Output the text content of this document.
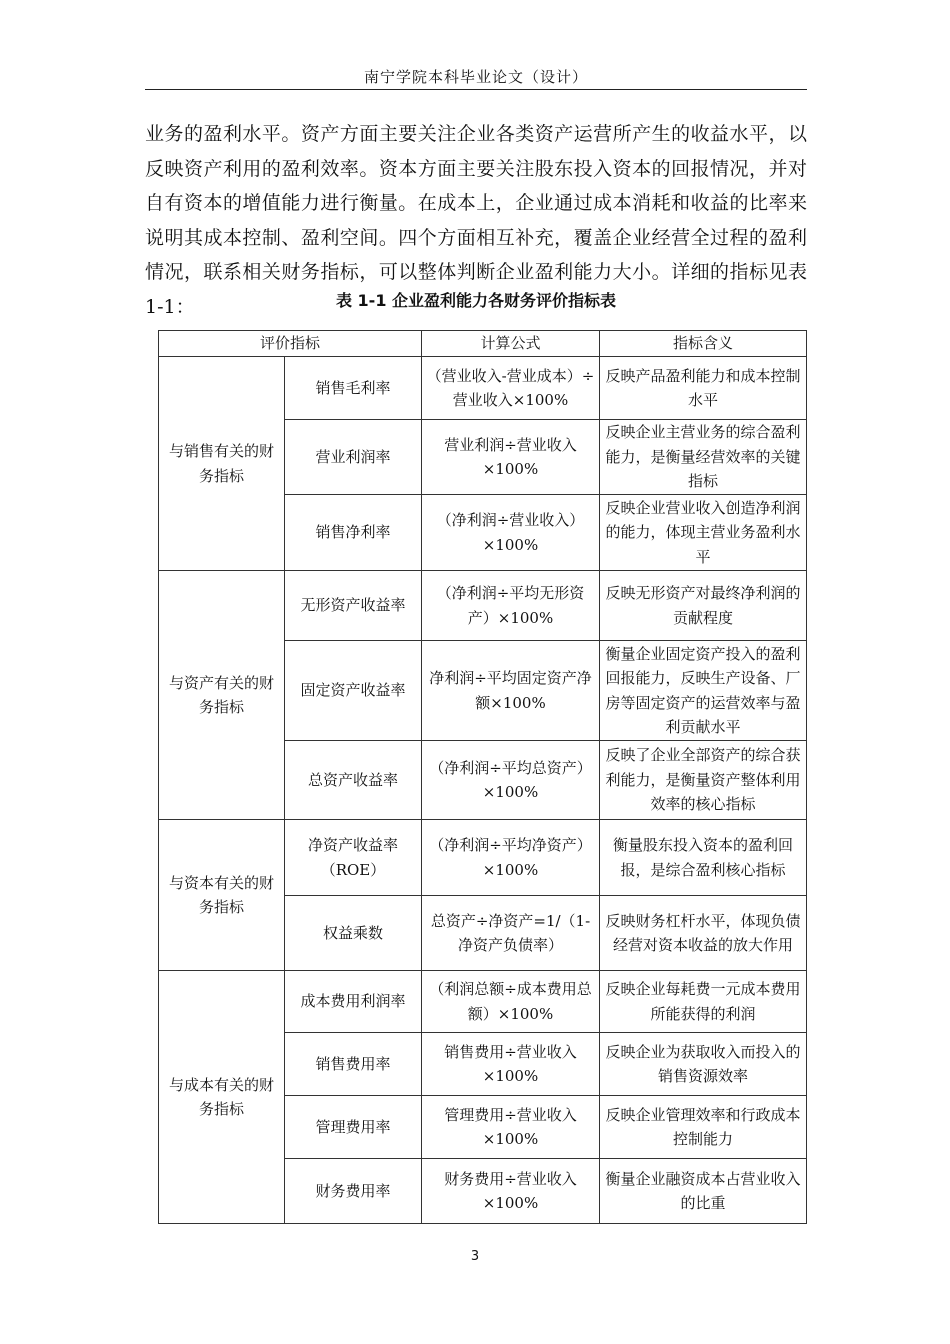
南宁学院本科毕业论文（设计）

业务的盈利水平。资产方面主要关注企业各类资产运营所产生的收益水平，以反映资产利用的盈利效率。资本方面主要关注股东投入资本的回报情况，并对自有资本的增值能力进行衡量。在成本上，企业通过成本消耗和收益的比率来说明其成本控制、盈利空间。四个方面相互补充，覆盖企业经营全过程的盈利情况，联系相关财务指标，可以整体判断企业盈利能力大小。详细的指标见表 1-1：	表 1-1 企业盈利能力各财务评价指标表
评价指标		计算公式	指标含义
与销售有关的财务指标	销售毛利率	（营业收入-营业成本）÷营业收入×100%	反映产品盈利能力和成本控制水平
	营业利润率	营业利润÷营业收入×100%	反映企业主营业务的综合盈利能力，是衡量经营效率的关键指标
	销售净利率	（净利润÷营业收入）×100%	反映企业营业收入创造净利润的能力，体现主营业务盈利水平
与资产有关的财务指标	无形资产收益率	（净利润÷平均无形资产）×100%	反映无形资产对最终净利润的贡献程度
	固定资产收益率	净利润÷平均固定资产净额×100%	衡量企业固定资产投入的盈利回报能力，反映生产设备、厂房等固定资产的运营效率与盈利贡献水平
	总资产收益率	（净利润÷平均总资产）×100%	反映了企业全部资产的综合获利能力，是衡量资产整体利用效率的核心指标
与资本有关的财务指标	净资产收益率（ROE）	（净利润÷平均净资产）×100%	衡量股东投入资本的盈利回报，是综合盈利核心指标
	权益乘数	总资产÷净资产=1/（1-净资产负债率）	反映财务杠杆水平，体现负债经营对资本收益的放大作用
与成本有关的财务指标	成本费用利润率	（利润总额÷成本费用总额）×100%	反映企业每耗费一元成本费用所能获得的利润
	销售费用率	销售费用÷营业收入×100%	反映企业为获取收入而投入的销售资源效率
	管理费用率	管理费用÷营业收入×100%	反映企业管理效率和行政成本控制能力
	财务费用率	财务费用÷营业收入×100%	衡量企业融资成本占营业收入的比重
3
